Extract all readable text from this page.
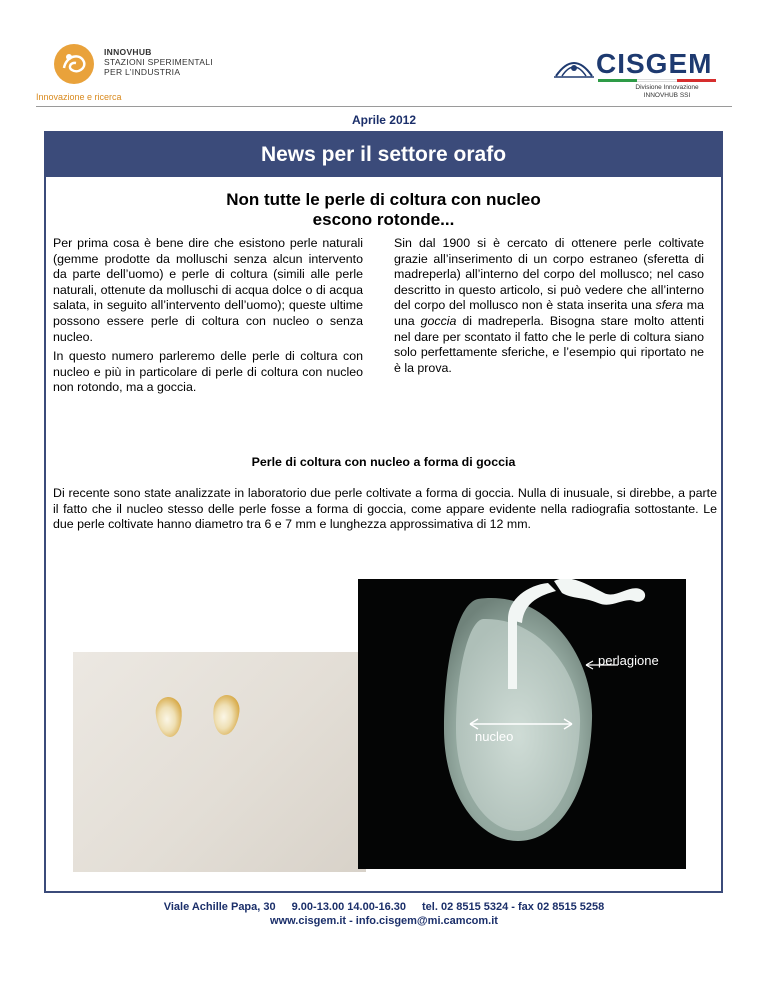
INNOVHUB
STAZIONI SPERIMENTALI
PER L’INDUSTRIA
Innovazione e ricerca
CISGEM
Divisione Innovazione
INNOVHUB SSI
Aprile 2012
News per il settore orafo
Non tutte le perle di coltura con nucleo
escono rotonde...

Per prima cosa è bene dire che esistono perle naturali (gemme prodotte da molluschi senza alcun intervento da parte dell’uomo) e perle di coltura (simili alle perle naturali, ottenute da molluschi di acqua dolce o di acqua salata, in seguito all’intervento dell’uomo); queste ultime possono essere perle di coltura con nucleo o senza nucleo.

In questo numero parleremo delle perle di coltura con nucleo e più in particolare di perle di coltura con nucleo non rotondo, ma a goccia.

Sin dal 1900 si è cercato di ottenere perle coltivate grazie all’inserimento di un corpo estraneo (sferetta di madreperla) all’interno del corpo del mollusco; nel caso descritto in questo articolo, si può vedere che all’interno del corpo del mollusco non è stata inserita una sfera ma una goccia di madreperla. Bisogna stare molto attenti nel dare per scontato il fatto che le perle di coltura siano solo perfettamente sferiche, e l’esempio qui riportato ne è la prova.

Perle di coltura con nucleo a forma di goccia
Di recente sono state analizzate in laboratorio due perle coltivate a forma di goccia. Nulla di inusuale, si direbbe, a parte il fatto che il nucleo stesso delle perle fosse a forma di goccia, come appare evidente nella radiografia sottostante. Le due perle coltivate hanno diametro tra 6 e 7 mm e lunghezza approssimativa di 12 mm.
perlagione
nucleo
Viale Achille Papa, 30 9.00-13.00 14.00-16.30 tel. 02 8515 5324 - fax 02 8515 5258
www.cisgem.it - info.cisgem@mi.camcom.it
